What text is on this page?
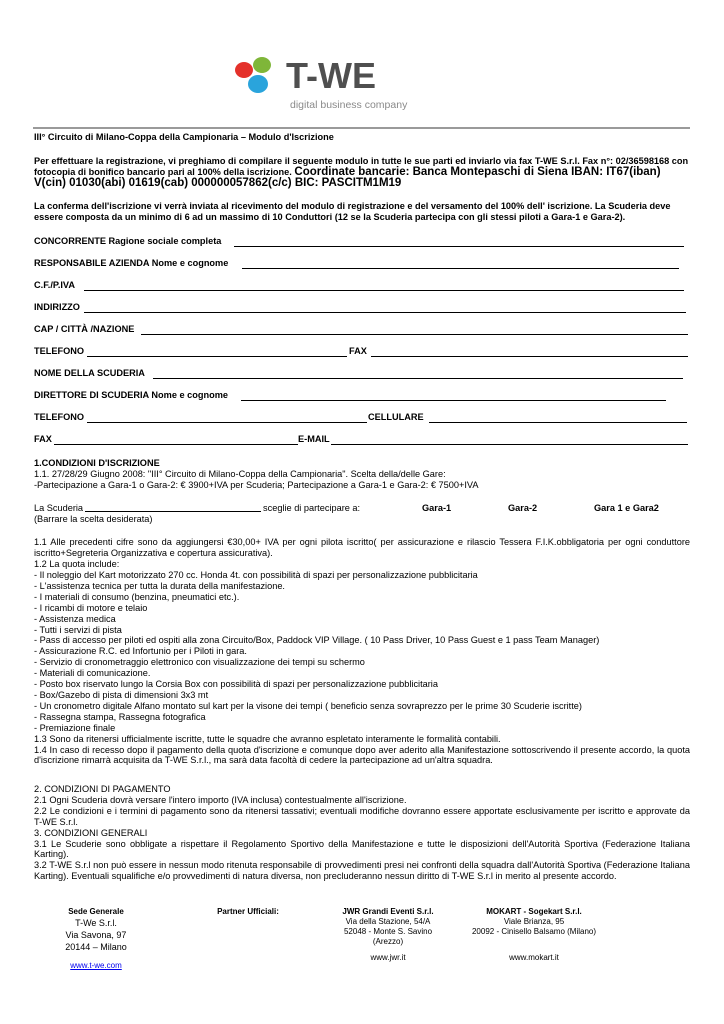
T-WE
digital business company
III° Circuito di Milano-Coppa della Campionaria – Modulo d'Iscrizione
Per effettuare la registrazione, vi preghiamo di compilare il seguente modulo in tutte le sue parti ed inviarlo via fax T-WE S.r.l. Fax n°: 02/36598168 con fotocopia di bonifico bancario pari al 100% della iscrizione. Coordinate bancarie: Banca Montepaschi di Siena IBAN: IT67(iban) V(cin) 01030(abi) 01619(cab) 000000057862(c/c) BIC: PASCITM1M19
La conferma dell'iscrizione vi verrà inviata al ricevimento del modulo di registrazione e del versamento del 100% dell' iscrizione. La Scuderia deve essere composta da un minimo di 6 ad un massimo di 10 Conduttori (12 se la Scuderia partecipa con gli stessi piloti a Gara-1 e Gara-2).
CONCORRENTE Ragione sociale completa
RESPONSABILE AZIENDA Nome e cognome
C.F./P.IVA
INDIRIZZO
CAP / CITTÀ /NAZIONE
TELEFONO	FAX
NOME DELLA SCUDERIA
DIRETTORE DI SCUDERIA Nome e cognome
TELEFONO	CELLULARE
FAX	E-MAIL
1.CONDIZIONI D'ISCRIZIONE
1.1. 27/28/29 Giugno 2008: "III° Circuito di Milano-Coppa della Campionaria". Scelta della/delle Gare:
-Partecipazione a Gara-1 o Gara-2: € 3900+IVA per Scuderia; Partecipazione a Gara-1 e Gara-2: € 7500+IVA
La Scuderia	sceglie di partecipare a:	Gara-1	Gara-2	Gara 1 e Gara2
(Barrare la scelta desiderata)
1.1 Alle precedenti cifre sono da aggiungersi €30,00+ IVA per ogni pilota iscritto( per assicurazione e rilascio Tessera F.I.K.obbligatoria per ogni conduttore iscritto+Segreteria Organizzativa e copertura assicurativa).
1.2 La quota include:
- Il noleggio del Kart motorizzato 270 cc. Honda 4t. con possibilità di spazi per personalizzazione pubblicitaria
- L'assistenza tecnica per tutta la durata della manifestazione.
- I materiali di consumo (benzina, pneumatici etc.).
- I ricambi di motore e telaio
- Assistenza medica
- Tutti i servizi di pista
- Pass di accesso per piloti ed ospiti alla zona Circuito/Box, Paddock VIP Village. ( 10 Pass Driver, 10 Pass Guest e 1 pass Team Manager)
- Assicurazione R.C. ed Infortunio per i Piloti in gara.
- Servizio di cronometraggio elettronico con visualizzazione dei tempi su schermo
- Materiali di comunicazione.
- Posto box riservato lungo la Corsia Box con possibilità di spazi per personalizzazione pubblicitaria
- Box/Gazebo di pista di dimensioni 3x3 mt
- Un cronometro digitale Alfano montato sul kart per la visone dei tempi ( beneficio senza sovraprezzo per le prime 30 Scuderie iscritte)
- Rassegna stampa, Rassegna fotografica
- Premiazione finale
1.3 Sono da ritenersi ufficialmente iscritte, tutte le squadre che avranno espletato interamente le formalità contabili.
1.4 In caso di recesso dopo il pagamento della quota d'iscrizione e comunque dopo aver aderito alla Manifestazione sottoscrivendo il presente accordo, la quota d'iscrizione rimarrà acquisita da T-WE S.r.l., ma sarà data facoltà di cedere la partecipazione ad un'altra squadra.
2. CONDIZIONI DI PAGAMENTO
2.1 Ogni Scuderia dovrà versare l'intero importo (IVA inclusa) contestualmente all'iscrizione.
2.2 Le condizioni e i termini di pagamento sono da ritenersi tassativi; eventuali modifiche dovranno essere apportate esclusivamente per iscritto e approvate da T-WE S.r.l.
3. CONDIZIONI GENERALI
3.1 Le Scuderie sono obbligate a rispettare il Regolamento Sportivo della Manifestazione e tutte le disposizioni dell'Autorità Sportiva (Federazione Italiana Karting).
3.2 T-WE S.r.l non può essere in nessun modo ritenuta responsabile di provvedimenti presi nei confronti della squadra dall'Autorità Sportiva (Federazione Italiana Karting). Eventuali squalifiche e/o provvedimenti di natura diversa, non precluderanno nessun diritto di T-WE S.r.l in merito al presente accordo.
Sede Generale
T-We S.r.l.
Via Savona, 97
20144 – Milano
www.t-we.com
Partner Ufficiali:	JWR Grandi Eventi S.r.l.
Via della Stazione, 54/A
52048 - Monte S. Savino
(Arezzo)
www.jwr.it
MOKART - Sogekart S.r.l.
Viale Brianza, 95
20092 - Cinisello Balsamo (Milano)
www.mokart.it
